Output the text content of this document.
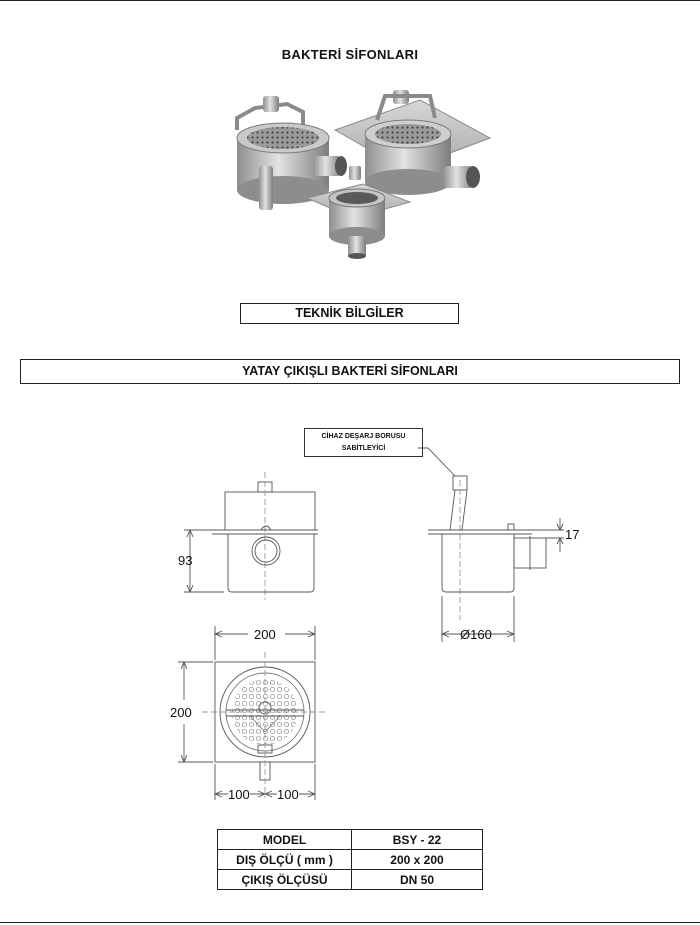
BAKTERİ SİFONLARI
TEKNİK BİLGİLER
YATAY ÇIKIŞLI BAKTERİ SİFONLARI
CİHAZ DEŞARJ BORUSU
SABİTLEYİCİ
93
17
Ø160
200
200
100 100
MODEL	BSY - 22
DIŞ ÖLÇÜ ( mm )	200 x 200
ÇIKIŞ ÖLÇÜSÜ	DN 50
